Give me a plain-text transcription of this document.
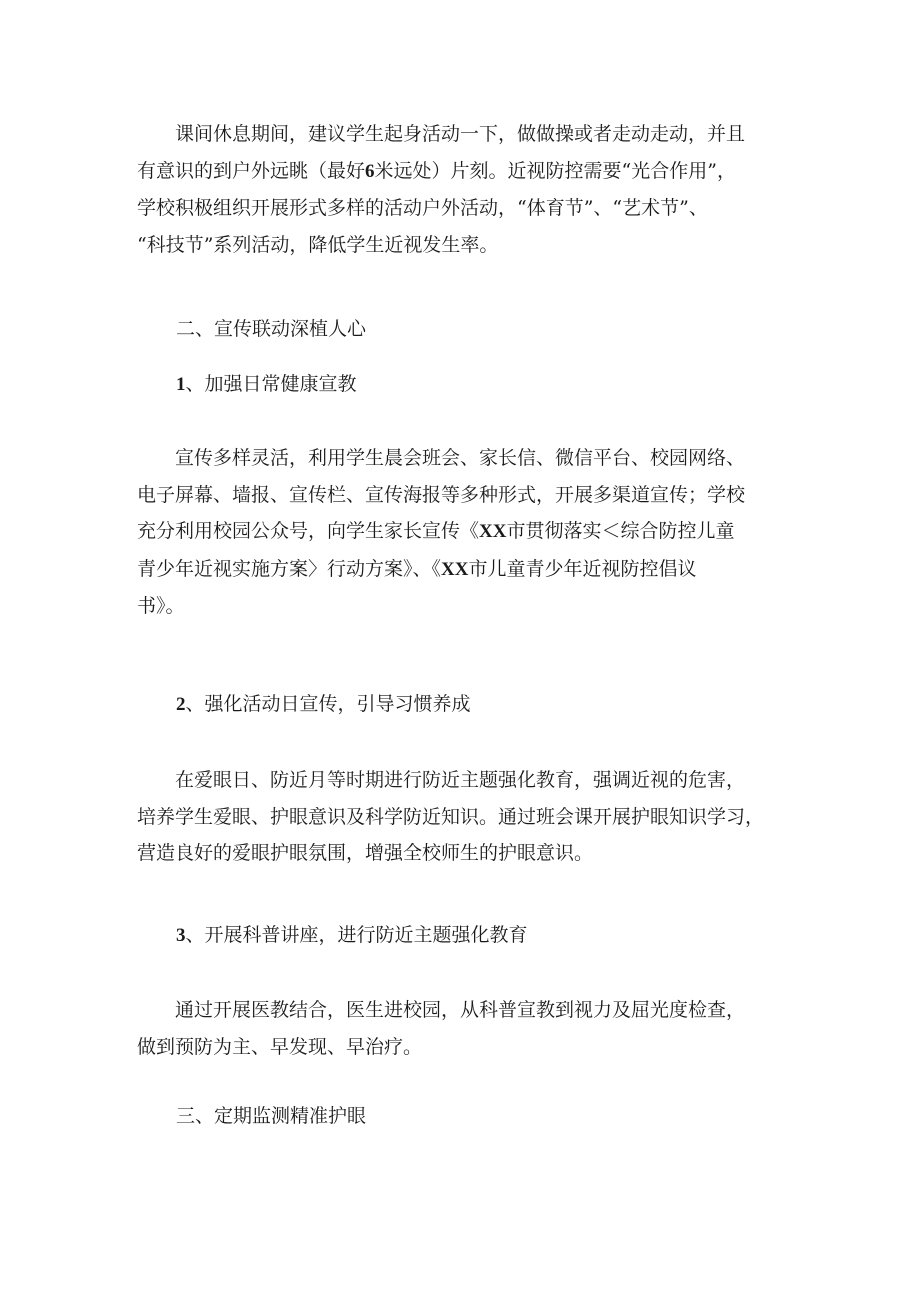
课间休息期间，建议学生起身活动一下，做做操或者走动走动，并且
有意识的到户外远眺（最好6米远处）片刻。近视防控需要“光合作用”，
学校积极组织开展形式多样的活动户外活动，“体育节”、“艺术节”、
“科技节”系列活动，降低学生近视发生率。

二、宣传联动深植人心
1、加强日常健康宣教

宣传多样灵活，利用学生晨会班会、家长信、微信平台、校园网络、
电子屏幕、墙报、宣传栏、宣传海报等多种形式，开展多渠道宣传；学校
充分利用校园公众号，向学生家长宣传《XX市贯彻落实＜综合防控儿童
青少年近视实施方案〉行动方案》、《XX市儿童青少年近视防控倡议
书》。

2、强化活动日宣传，引导习惯养成

在爱眼日、防近月等时期进行防近主题强化教育，强调近视的危害，
培养学生爱眼、护眼意识及科学防近知识。通过班会课开展护眼知识学习，
营造良好的爱眼护眼氛围，增强全校师生的护眼意识。

3、开展科普讲座，进行防近主题强化教育

通过开展医教结合，医生进校园，从科普宣教到视力及屈光度检查，
做到预防为主、早发现、早治疗。

三、定期监测精准护眼
